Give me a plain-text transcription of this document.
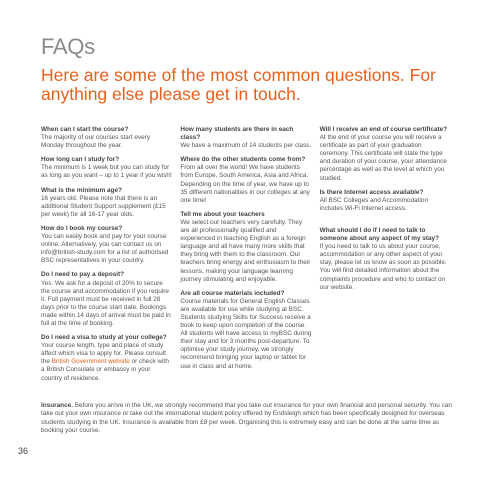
FAQs
Here are some of the most common questions. For anything else please get in touch.

When can I start the course?

The majority of our courses start every Monday throughout the year.

How long can I study for?

The minimum is 1 week but you can study for as long as you want – up to 1 year if you wish!

What is the minimum age?

16 years old. Please note that there is an additional Student Support supplement (£15 per week) for all 16-17 year olds.

How do I book my course?

You can easily book and pay for your course online. Alternatively, you can contact us on info@british-study.com for a list of authorised BSC representatives in your country.

Do I need to pay a deposit?

Yes. We ask for a deposit of 20% to secure the course and accommodation if you require it. Full payment must be received in full 28 days prior to the course start date. Bookings made within 14 days of arrival must be paid in full at the time of booking.

Do I need a visa to study at your college?

Your course length, type and place of study affect which visa to apply for. Please consult the British Government website or check with a British Consulate or embassy in your country of residence.

How many students are there in each class?

We have a maximum of 14 students per class.

Where do the other students come from?

From all over the world! We have students from Europe, South America, Asia and Africa. Depending on the time of year, we have up to 35 different nationalities in our colleges at any one time!

Tell me about your teachers

We select our teachers very carefully. They are all professionally qualified and experienced in teaching English as a foreign language and all have many more skills that they bring with them to the classroom. Our teachers bring energy and enthusiasm to their lessons, making your language learning journey stimulating and enjoyable.

Are all course materials included?

Course materials for General English Classes are available for use while studying at BSC. Students studying Skills for Success receive a book to keep upon completion of the course. All students will have access to myBSC during their stay and for 3 months post-departure. To optimise your study journey, we strongly recommend bringing your laptop or tablet for use in class and at home.

Will I receive an end of course certificate?

At the end of your course you will receive a certificate as part of your graduation ceremony. This certificate will state the type and duration of your course, your attendance percentage as well as the level at which you studied.

Is there Internet access available?

All BSC Colleges and Accommodation includes Wi-Fi Internet access.

What should I do if I need to talk to someone about any aspect of my stay?

If you need to talk to us about your course, accommodation or any other aspect of your stay, please let us know as soon as possible. You will find detailed information about the complaints procedure and who to contact on our website.

Insurance. Before you arrive in the UK, we strongly recommend that you take out insurance for your own financial and personal security. You can take out your own insurance or take out the international student policy offered by Endsleigh which has been specifically designed for overseas students studying in the UK. Insurance is available from £8 per week. Organising this is extremely easy and can be done at the same time as booking your course.

36
